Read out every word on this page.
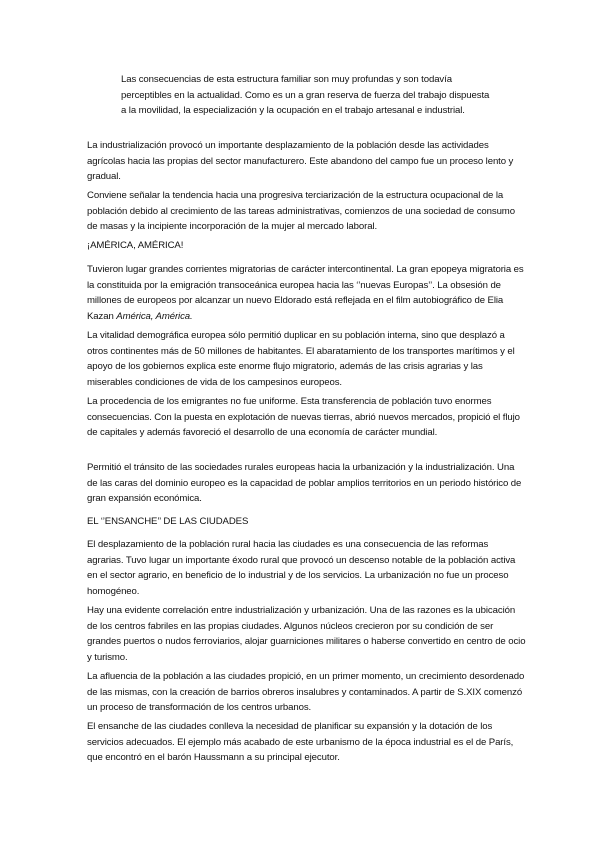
Las consecuencias de esta estructura familiar son muy profundas y son todavía perceptibles en la actualidad. Como es un a gran reserva de fuerza del trabajo dispuesta a la movilidad, la especialización y la ocupación en el trabajo artesanal e industrial.

La industrialización provocó un importante desplazamiento de la población desde las actividades agrícolas hacia las propias del sector manufacturero. Este abandono del campo fue un proceso lento y gradual.

Conviene señalar la tendencia hacia una progresiva terciarización de la estructura ocupacional de la población debido al crecimiento de las tareas administrativas, comienzos de una sociedad de consumo de masas y la incipiente incorporación de la mujer al mercado laboral.

¡AMÉRICA, AMÉRICA!

Tuvieron lugar grandes corrientes migratorias de carácter intercontinental. La gran epopeya migratoria es la constituida por la emigración transoceánica europea hacia las ‘’nuevas Europas’’. La obsesión de millones de europeos por alcanzar un nuevo Eldorado está reflejada en el film autobiográfico de Elia Kazan América, América.

La vitalidad demográfica europea sólo permitió duplicar en su población interna, sino que desplazó a otros continentes más de 50 millones de habitantes. El abaratamiento de los transportes marítimos y el apoyo de los gobiernos explica este enorme flujo migratorio, además de las crisis agrarias y las miserables condiciones de vida de los campesinos europeos.

La procedencia de los emigrantes no fue uniforme. Esta transferencia de población tuvo enormes consecuencias. Con la puesta en explotación de nuevas tierras, abrió nuevos mercados, propició el flujo de capitales y además favoreció el desarrollo de una economía de carácter mundial.

Permitió el tránsito de las sociedades rurales europeas hacia la urbanización y la industrialización. Una de las caras del dominio europeo es la capacidad de poblar amplios territorios en un periodo histórico de gran expansión económica.

EL ‘’ENSANCHE’’ DE LAS CIUDADES

El desplazamiento de la población rural hacia las ciudades es una consecuencia de las reformas agrarias. Tuvo lugar un importante éxodo rural que provocó un descenso notable de la población activa en el sector agrario, en beneficio de lo industrial y de los servicios. La urbanización no fue un proceso homogéneo.

Hay una evidente correlación entre industrialización y urbanización. Una de las razones es la ubicación de los centros fabriles en las propias ciudades. Algunos núcleos crecieron por su condición de ser grandes puertos o nudos ferroviarios, alojar guarniciones militares o haberse convertido en centro de ocio y turismo.

La afluencia de la población a las ciudades propició, en un primer momento, un crecimiento desordenado de las mismas, con la creación de barrios obreros insalubres y contaminados. A partir de S.XIX comenzó un proceso de transformación de los centros urbanos.

El ensanche de las ciudades conlleva la necesidad de planificar su expansión y la dotación de los servicios adecuados. El ejemplo más acabado de este urbanismo de la época industrial es el de París, que encontró en el barón Haussmann a su principal ejecutor.
